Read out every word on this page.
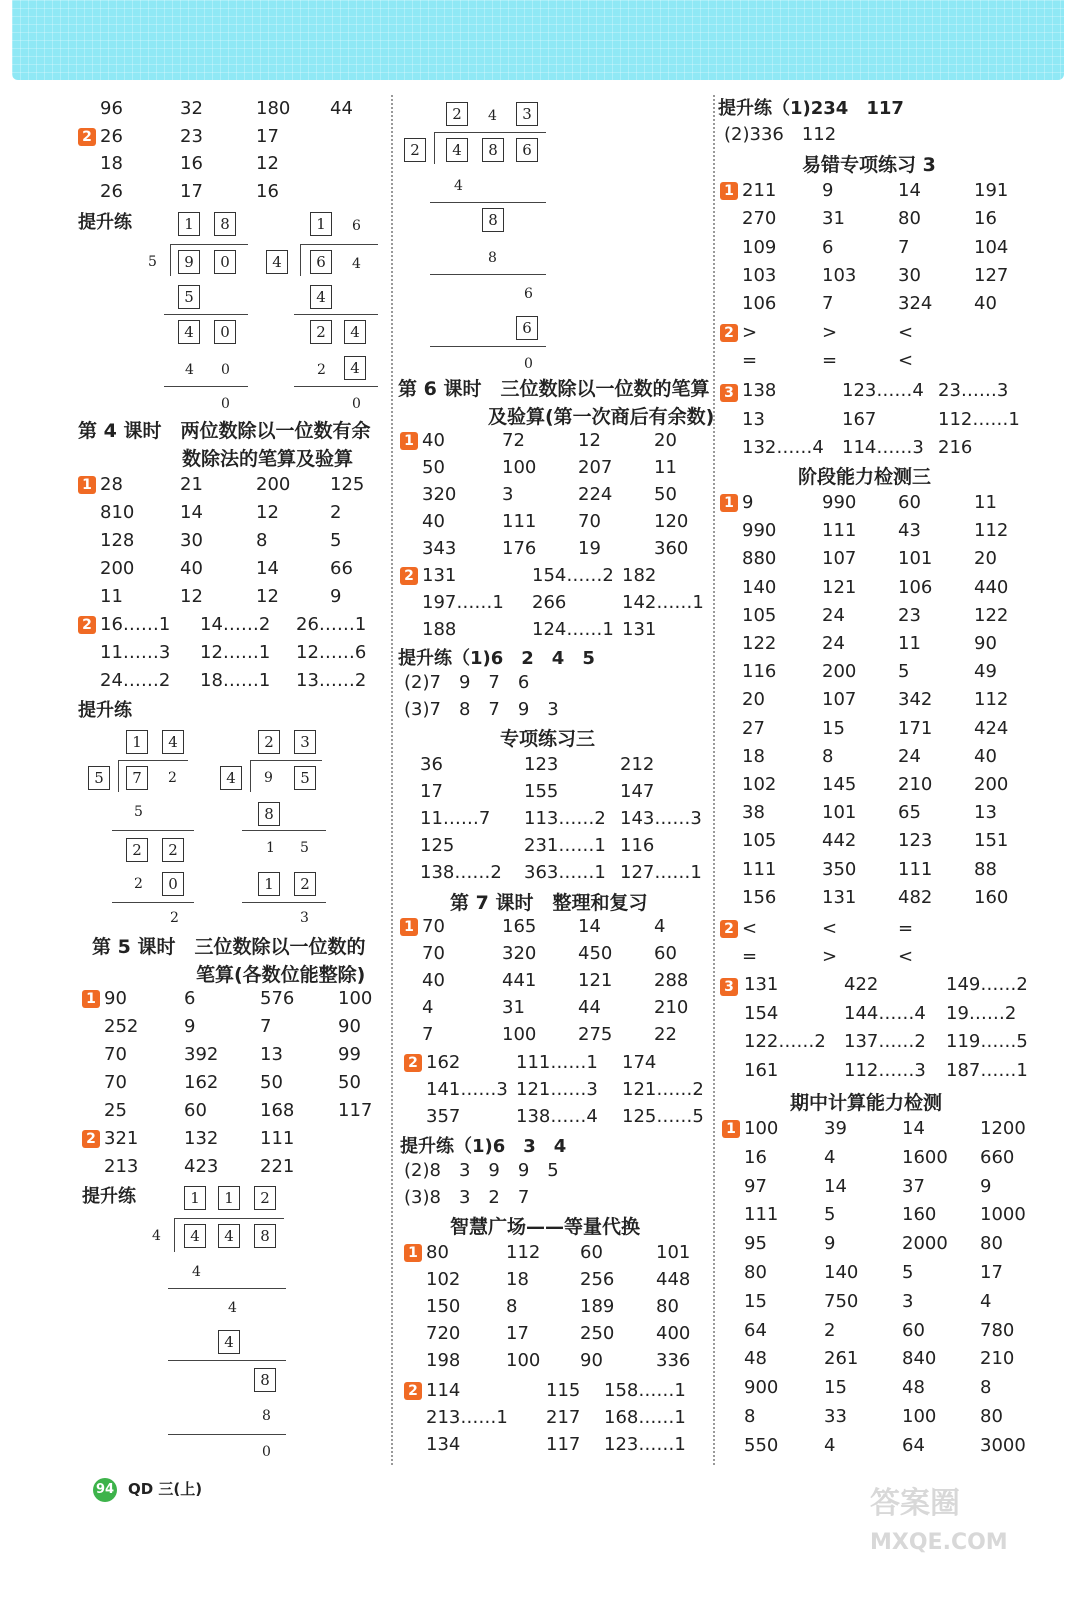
96	32	180 44
2 26	23	17
18	16	12
26	17	16
提升练	1	8
5	9	0
5
4	0
4 0
0
1	6
4	6	4
4
2	4
2	4
0
第 4 课时　两位数除以一位数有余
数除法的笔算及验算
1 28	21	200 125
810	14	12	2
128	30	8	5
200	40	14	66
11	12	12	9
2 16……1 14……2 26……1
11……3 12……1 12……6
24……2 18……1 13……2
提升练
1	4
5	7	2
5
2	2
2	0
2
2	3
4	9	5
8
1 5
1	2
3
第 5 课时　三位数除以一位数的
笔算(各数位能整除)
1 90	6	576 100
252	9	7	90
70	392 13	99
70	162 50	50
25	60	168 117
2 321	132 111
213	423 221
提升练	1	1	2
4	4	4	8
4
4
4
8
8
0
2	4	3
2	4	8	6
4
8
8
6
6
0
第 6 课时　三位数除以一位数的笔算
及验算(第一次商后有余数)
1 40	72	12	20
50	100 207 11
320	3	224 50
40	111 70	120
343	176 19	360
2 131	154……2 182
197……1 266	142……1
188	124……1 131
提升练（1)6　2　4　5
(2)7　9　7　6
(3)7　8　7　9　3
专项练习三
36	123	212
17	155	147
11……7 113……2 143……3
125	231……1 116
138……2 363……1 127……1
第 7 课时　整理和复习
1 70	165 14	4
70	320 450 60
40	441 121 288
4	31	44	210
7	100 275 22
2 162	111……1 174
141……3 121……3 121……2
357	138……4 125……5
提升练（1)6　3　4
(2)8　3　9　9　5
(3)8　3　2　7
智慧广场——等量代换
1 80	112 60	101
102	18	256 448
150	8	189 80
720	17	250 400
198	100 90	336
2 114	115 158……1
213……1 217 168……1
134	117 123……1
提升练（1)234　117
(2)336　112
易错专项练习 3
1 211	9	14	191
270	31	80	16
109	6	7	104
103	103 30	127
106	7	324 40
2 >	>	<
=	=	<
138	123……4 23……3
13	167	112……1
132……4 114……3 216
3
阶段能力检测三
1 9	990 60	11
990	111 43	112
880	107 101 20
140	121 106 440
105	24	23	122
122	24	11	90
116	200 5	49
20	107 342 112
27	15	171 424
18	8	24	40
102	145 210 200
38	101 65	13
105	442 123 151
111	350 111 88
156	131 482 160
2 <	<	=
=	>	<
131	422	149……2
154	144……4 19……2
122……2 137……2 119……5
161	112……3 187……1
3
期中计算能力检测
1 100	39	14	1200
16	4	1600 660
97	14	37	9
111	5	160 1000
95	9	2000 80
80	140 5	17
15	750 3	4
64	2	60	780
48	261 840 210
900	15	48	8
8	33	100 80
550	4	64	3000
94 QD 三(上)	答案圈
MXQE.COM
